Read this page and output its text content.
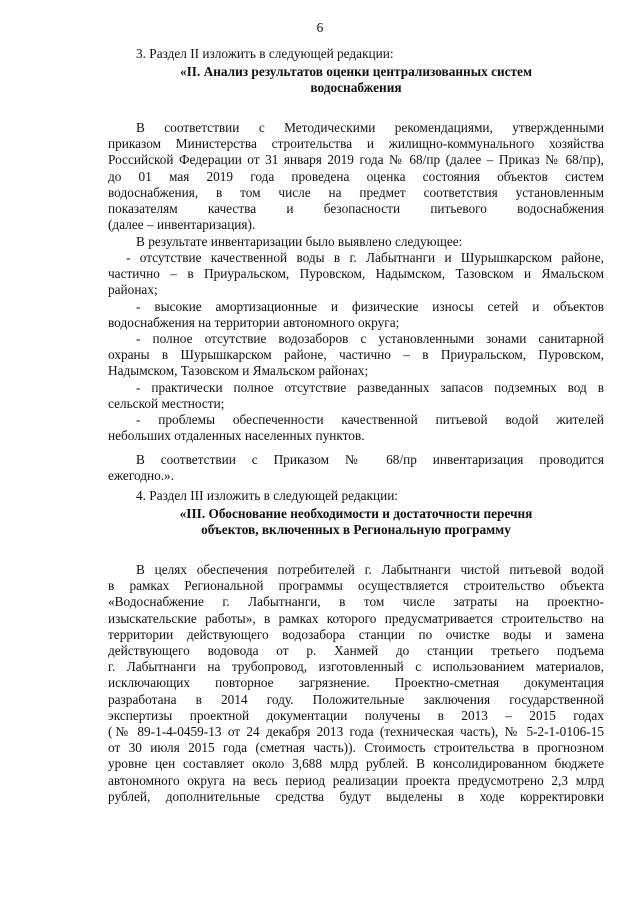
6

3. Раздел II изложить в следующей редакции:

«II. Анализ результатов оценки централизованных систем
водоснабжения
В соответствии с Методическими рекомендациями, утвержденными
приказом Министерства строительства и жилищно-коммунального хозяйства
Российской Федерации от 31 января 2019 года № 68/пр (далее – Приказ № 68/пр),
до 01 мая 2019 года проведена оценка состояния объектов систем
водоснабжения, в том числе на предмет соответствия установленным
показателям качества и безопасности питьевого водоснабжения
(далее – инвентаризация).
В результате инвентаризации было выявлено следующее:
- отсутствие качественной воды в г. Лабытнанги и Шурышкарском районе,
частично – в Приуральском, Пуровском, Надымском, Тазовском и Ямальском
районах;
- высокие амортизационные и физические износы сетей и объектов
водоснабжения на территории автономного округа;
- полное отсутствие водозаборов с установленными зонами санитарной
охраны в Шурышкарском районе, частично – в Приуральском, Пуровском,
Надымском, Тазовском и Ямальском районах;
- практически полное отсутствие разведанных запасов подземных вод в
сельской местности;
- проблемы обеспеченности качественной питьевой водой жителей
небольших отдаленных населенных пунктов.
В соответствии с Приказом № 68/пр инвентаризация проводится
ежегодно.».
4. Раздел III изложить в следующей редакции:
«III. Обоснование необходимости и достаточности перечня
объектов, включенных в Региональную программу
В целях обеспечения потребителей г. Лабытнанги чистой питьевой водой
в рамках Региональной программы осуществляется строительство объекта
«Водоснабжение г. Лабытнанги, в том числе затраты на проектно-
изыскательские работы», в рамках которого предусматривается строительство на
территории действующего водозабора станции по очистке воды и замена
действующего водовода от р. Ханмей до станции третьего подъема
г. Лабытнанги на трубопровод, изготовленный с использованием материалов,
исключающих повторное загрязнение. Проектно-сметная документация
разработана в 2014 году. Положительные заключения государственной
экспертизы проектной документации получены в 2013 – 2015 годах
(№ 89-1-4-0459-13 от 24 декабря 2013 года (техническая часть), № 5-2-1-0106-15
от 30 июля 2015 года (сметная часть)). Стоимость строительства в прогнозном
уровне цен составляет около 3,688 млрд рублей. В консолидированном бюджете
автономного округа на весь период реализации проекта предусмотрено 2,3 млрд
рублей, дополнительные средства будут выделены в ходе корректировки
